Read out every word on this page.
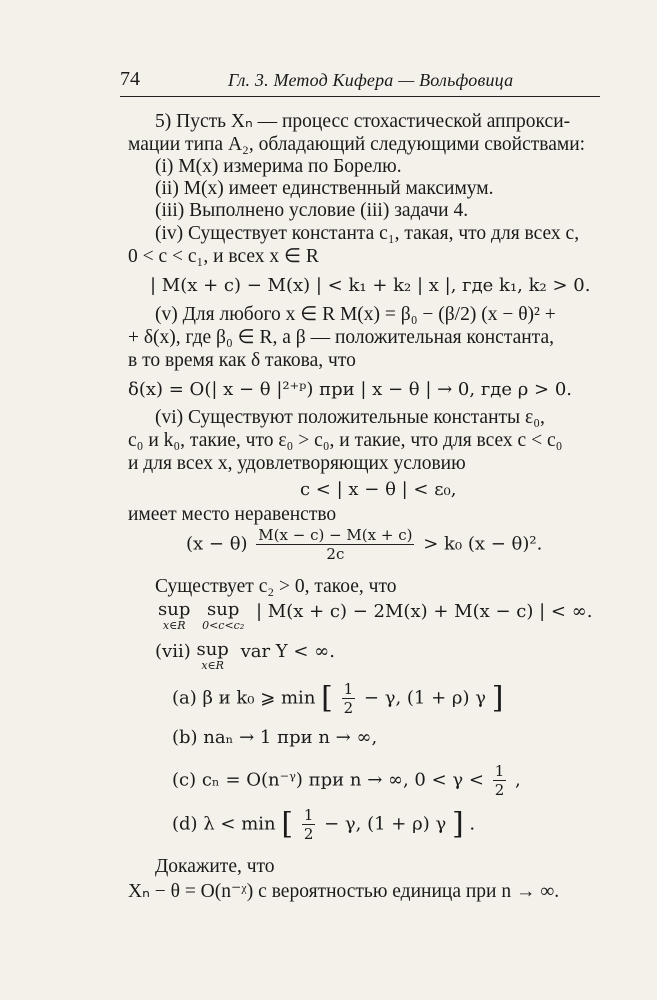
74	Гл. 3. Метод Кифера — Вольфовица
5) Пусть Xₙ — процесс стохастической аппрокси-
мации типа A₂, обладающий следующими свойствами:
(i) M(x) измерима по Борелю.
(ii) M(x) имеет единственный максимум.
(iii) Выполнено условие (iii) задачи 4.
(iv) Существует константа c₁, такая, что для всех c,
0 < c < c₁, и всех x ∈ R
| M(x + c) − M(x) | < k₁ + k₂ | x |, где k₁, k₂ > 0.
(v) Для любого x ∈ R M(x) = β₀ − (β/2) (x − θ)² +
+ δ(x), где β₀ ∈ R, а β — положительная константа,
в то время как δ такова, что
δ(x) = O(| x − θ |²⁺ᵖ) при | x − θ | → 0, где ρ > 0.
(vi) Существуют положительные константы ε₀,
c₀ и k₀, такие, что ε₀ > c₀, и такие, что для всех c < c₀
и для всех x, удовлетворяющих условию
c < | x − θ | < ε₀,
имеет место неравенство
$(x - \theta) \frac{M(x - c) - M(x + c)}{2c} > k_0$ (x − θ)².
Существует c₂ > 0, такое, что
sup
x∈R

sup
0<c<c₂
| M(x + c) − 2M(x) + M(x − c) | < ∞.
(vii) sup
x∈R
var Y < ∞.
(a) β и k₀ ⩾ min [ $\frac{1}{2} - \gamma$, (1 + ρ) γ ]
(b) naₙ → 1 при n → ∞,
(c) cₙ = O(n⁻ᵞ) при n → ∞, $0 < \gamma < \frac{1}{2}$ ,
(d) λ < min [ $\frac{1}{2} - \gamma$, (1 + ρ) γ ] .
Докажите, что
Xₙ − θ = O(n⁻ᵡ) с вероятностью единица при n → ∞.
